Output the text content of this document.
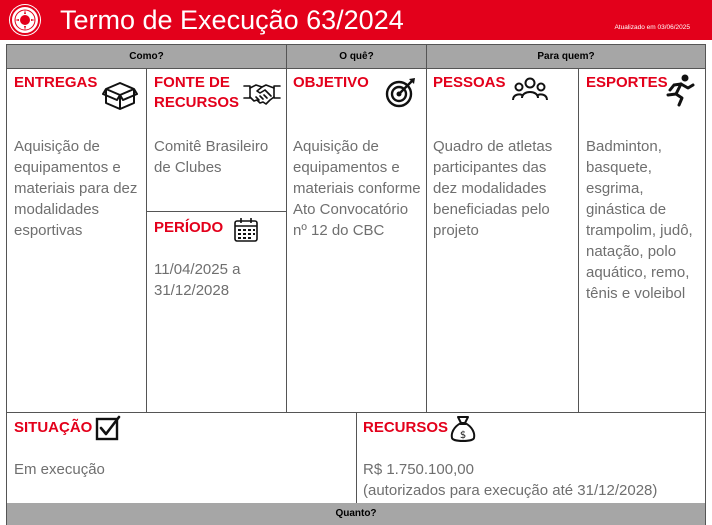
Termo de Execução 63/2024	Atualizado em 03/06/2025
Como?	O quê?	Para quem?
Quanto?
ENTREGAS
Aquisição de equipamentos e materiais para dez modalidades esportivas
FONTE DE RECURSOS
Comitê Brasileiro de Clubes
PERÍODO
11/04/2025 a 31/12/2028
OBJETIVO
Aquisição de equipamentos e materiais conforme Ato Convocatório nº 12 do CBC
PESSOAS
Quadro de atletas participantes das dez modalidades beneficiadas pelo projeto
ESPORTES
Badminton, basquete, esgrima, ginástica de trampolim, judô, natação, polo aquático, remo, tênis e voleibol
SITUAÇÃO
Em execução
RECURSOS $
R$ 1.750.100,00
(autorizados para execução até 31/12/2028)
